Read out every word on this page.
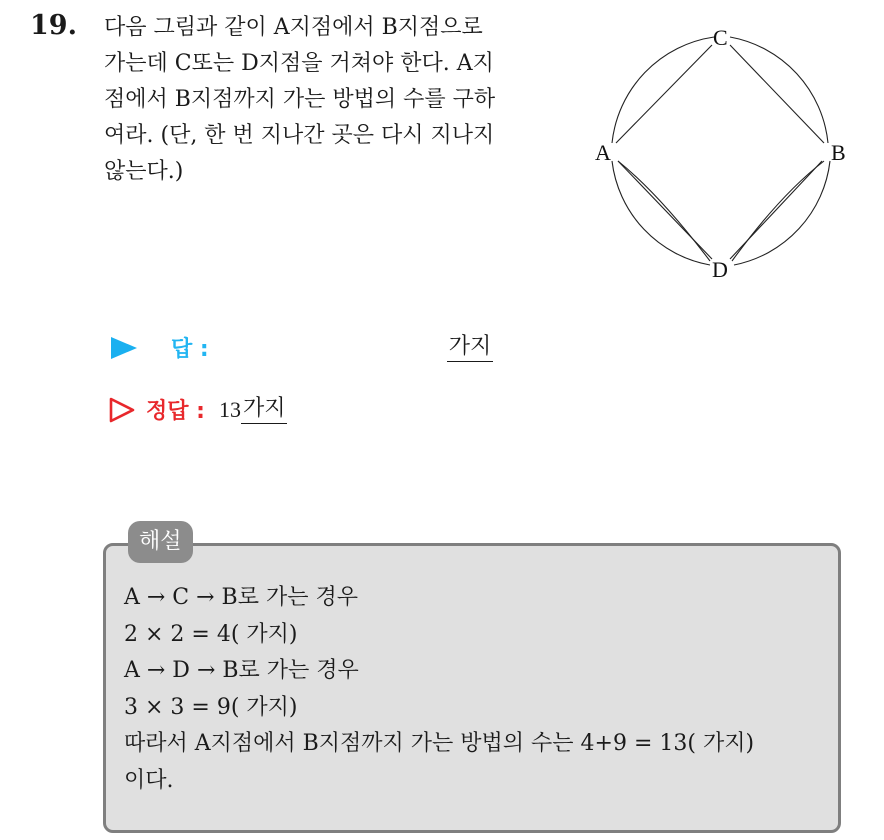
19. 다음 그림과 같이 A지점에서 B지점으로
가는데 C또는 D지점을 거쳐야 한다. A지
점에서 B지점까지 가는 방법의 수를 구하
여라. (단, 한 번 지나간 곳은 다시 지나지
않는다.)
C
A	B
D
답 :	가지
정답 : 13 가지
해설
A → C → B로 가는 경우
2 × 2 = 4( 가지)
A → D → B로 가는 경우
3 × 3 = 9( 가지)
따라서 A지점에서 B지점까지 가는 방법의 수는 4+9 = 13( 가지)
이다.
